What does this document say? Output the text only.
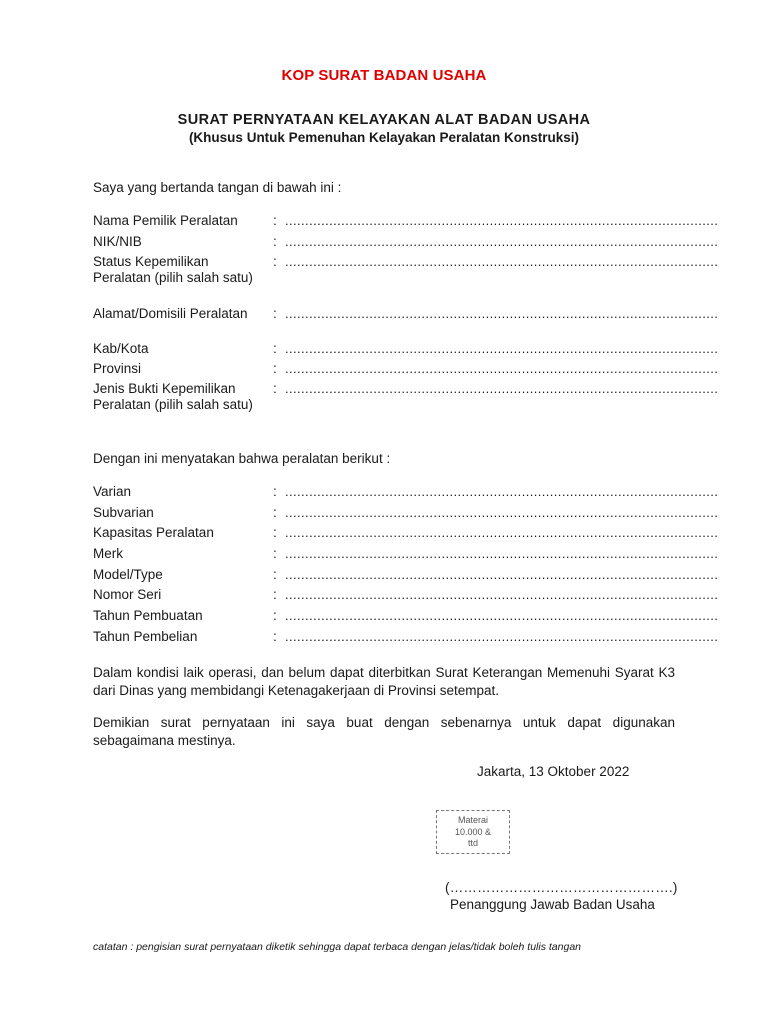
KOP SURAT BADAN USAHA
SURAT PERNYATAAN KELAYAKAN ALAT BADAN USAHA
(Khusus Untuk Pemenuhan Kelayakan Peralatan Konstruksi)
Saya yang bertanda tangan di bawah ini :
Nama Pemilik Peralatan	: ............................................................................................................
NIK/NIB	: ............................................................................................................
Status Kepemilikan Peralatan (pilih salah satu)
: ............................................................................................................
Alamat/Domisili Peralatan	: ............................................................................................................
Kab/Kota	: ............................................................................................................
Provinsi	: ............................................................................................................
Jenis Bukti Kepemilikan Peralatan (pilih salah satu)
: ............................................................................................................
Dengan ini menyatakan bahwa peralatan berikut :
Varian	: ............................................................................................................
Subvarian	: ............................................................................................................
Kapasitas Peralatan	: ............................................................................................................
Merk	: ............................................................................................................
Model/Type	: ............................................................................................................
Nomor Seri	: ............................................................................................................
Tahun Pembuatan	: ............................................................................................................
Tahun Pembelian	: ............................................................................................................
Dalam kondisi laik operasi, dan belum dapat diterbitkan Surat Keterangan Memenuhi Syarat K3 dari Dinas yang membidangi Ketenagakerjaan di Provinsi setempat.
Demikian surat pernyataan ini saya buat dengan sebenarnya untuk dapat digunakan sebagaimana mestinya.
Jakarta, 13 Oktober 2022
Materai
10.000 &
ttd
(………………………………………….)
Penanggung Jawab Badan Usaha
catatan : pengisian surat pernyataan diketik sehingga dapat terbaca dengan jelas/tidak boleh tulis tangan
